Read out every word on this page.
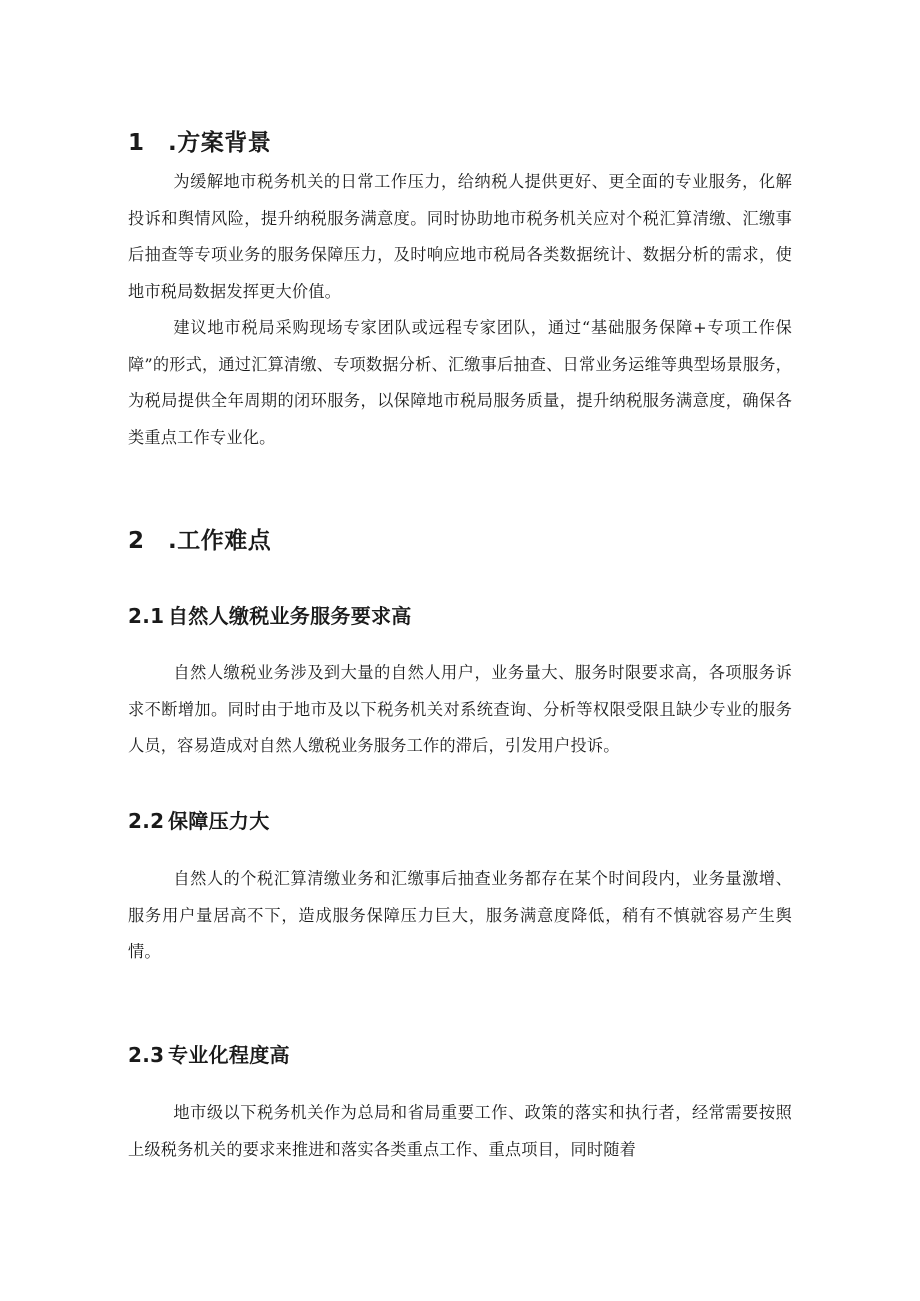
1 .方案背景
为缓解地市税务机关的日常工作压力，给纳税人提供更好、更全面的专业服务，化解投诉和舆情风险，提升纳税服务满意度。同时协助地市税务机关应对个税汇算清缴、汇缴事后抽查等专项业务的服务保障压力，及时响应地市税局各类数据统计、数据分析的需求，使地市税局数据发挥更大价值。
建议地市税局采购现场专家团队或远程专家团队，通过“基础服务保障+专项工作保障”的形式，通过汇算清缴、专项数据分析、汇缴事后抽查、日常业务运维等典型场景服务，为税局提供全年周期的闭环服务，以保障地市税局服务质量，提升纳税服务满意度，确保各类重点工作专业化。
2 .工作难点
2.1 自然人缴税业务服务要求高
自然人缴税业务涉及到大量的自然人用户，业务量大、服务时限要求高，各项服务诉求不断增加。同时由于地市及以下税务机关对系统查询、分析等权限受限且缺少专业的服务人员，容易造成对自然人缴税业务服务工作的滞后，引发用户投诉。
2.2 保障压力大
自然人的个税汇算清缴业务和汇缴事后抽查业务都存在某个时间段内，业务量激增、服务用户量居高不下，造成服务保障压力巨大，服务满意度降低，稍有不慎就容易产生舆情。
2.3 专业化程度高
地市级以下税务机关作为总局和省局重要工作、政策的落实和执行者，经常需要按照上级税务机关的要求来推进和落实各类重点工作、重点项目，同时随着
